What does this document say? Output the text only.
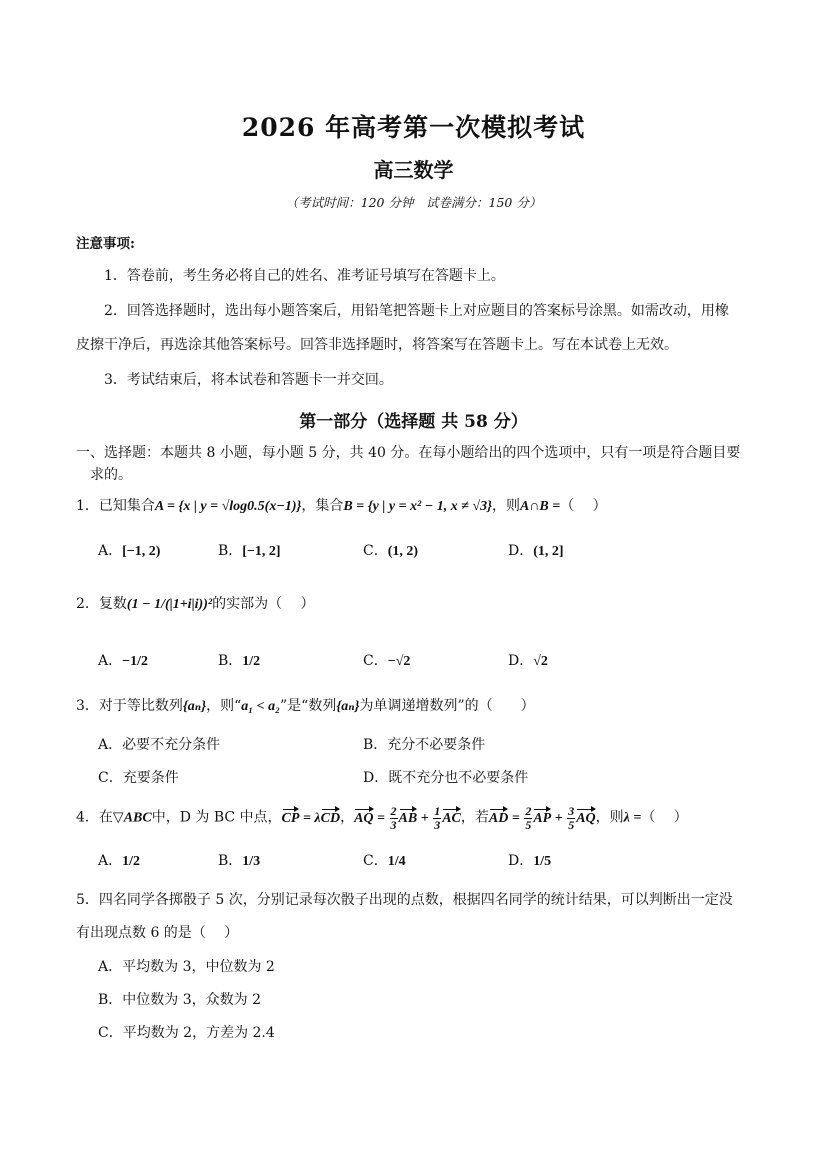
2026 年高考第一次模拟考试
高三数学
（考试时间：120 分钟　试卷满分：150 分）
注意事项:
1．答卷前，考生务必将自己的姓名、准考证号填写在答题卡上。
2．回答选择题时，选出每小题答案后，用铅笔把答题卡上对应题目的答案标号涂黑。如需改动，用橡
皮擦干净后，再选涂其他答案标号。回答非选择题时，将答案写在答题卡上。写在本试卷上无效。
3．考试结束后，将本试卷和答题卡一并交回。
第一部分（选择题 共 58 分）
一、选择题：本题共 8 小题，每小题 5 分，共 40 分。在每小题给出的四个选项中，只有一项是符合题目要
求的。
1．已知集合A = {x | y = √log0.5(x−1)}，集合B = {y | y = x² − 1, x ≠ √3}，则A∩B =（　 ）
A．[−1, 2)	B．[−1, 2]	C．(1, 2)	D．(1, 2]
2．复数(1 − 1/(|1+i|i))²的实部为（　 ）
A．−1/2	B．1/2	C．−√2	D．√2
3．对于等比数列{aₙ}，则“a₁ < a₂”是“数列{aₙ}为单调递增数列”的（　　）
A．必要不充分条件	B．充分不必要条件
C．充要条件	D．既不充分也不必要条件
4．在▽ABC中，D 为 BC 中点，CP = λCD，AQ = $\frac{2}{3}$ AB + $\frac{1}{3}$ AC，若AD = $\frac{2}{5}$ AP + $\frac{3}{5}$ AQ，则λ =（　 ）
A．1/2	B．1/3	C．1/4	D．1/5
5．四名同学各掷骰子 5 次，分别记录每次骰子出现的点数，根据四名同学的统计结果，可以判断出一定没
有出现点数 6 的是（　 ）
A．平均数为 3，中位数为 2
B．中位数为 3，众数为 2
C．平均数为 2，方差为 2.4
